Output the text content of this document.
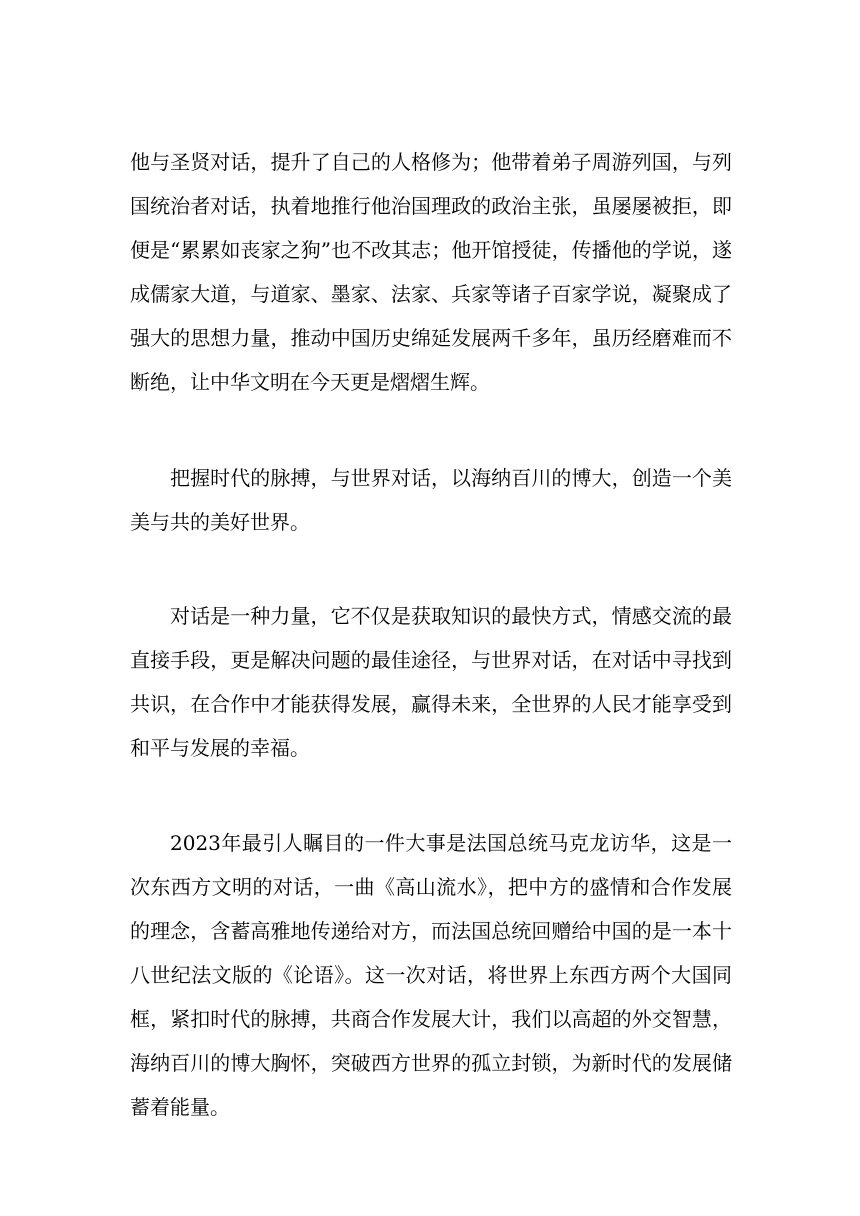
他与圣贤对话，提升了自己的人格修为；他带着弟子周游列国，与列国统治者对话，执着地推行他治国理政的政治主张，虽屡屡被拒，即便是“累累如丧家之狗”也不改其志；他开馆授徒，传播他的学说，遂成儒家大道，与道家、墨家、法家、兵家等诸子百家学说，凝聚成了强大的思想力量，推动中国历史绵延发展两千多年，虽历经磨难而不断绝，让中华文明在今天更是熠熠生辉。

把握时代的脉搏，与世界对话，以海纳百川的博大，创造一个美美与共的美好世界。

对话是一种力量，它不仅是获取知识的最快方式，情感交流的最直接手段，更是解决问题的最佳途径，与世界对话，在对话中寻找到共识，在合作中才能获得发展，赢得未来，全世界的人民才能享受到和平与发展的幸福。

2023年最引人瞩目的一件大事是法国总统马克龙访华，这是一次东西方文明的对话，一曲《高山流水》，把中方的盛情和合作发展的理念，含蓄高雅地传递给对方，而法国总统回赠给中国的是一本十八世纪法文版的《论语》。这一次对话，将世界上东西方两个大国同框，紧扣时代的脉搏，共商合作发展大计，我们以高超的外交智慧，海纳百川的博大胸怀，突破西方世界的孤立封锁，为新时代的发展储蓄着能量。
